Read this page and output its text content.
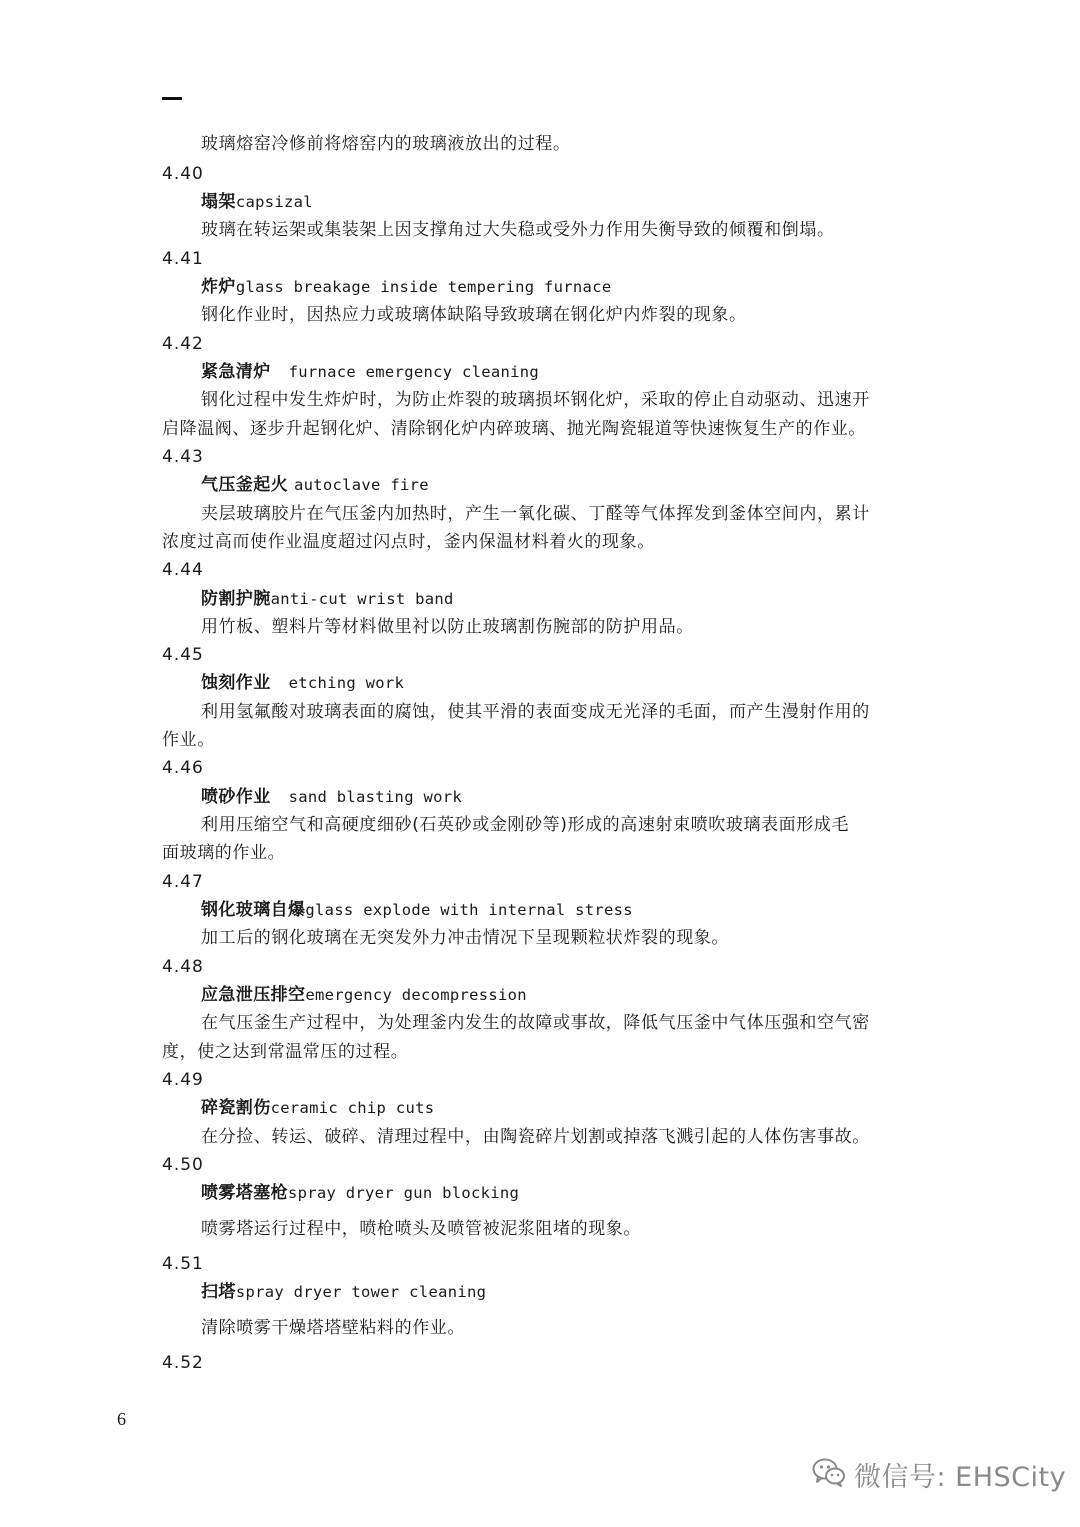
玻璃熔窑冷修前将熔窑内的玻璃液放出的过程。
4.40
塌架capsizal
玻璃在转运架或集装架上因支撑角过大失稳或受外力作用失衡导致的倾覆和倒塌。
4.41
炸炉glass breakage inside tempering furnace
钢化作业时，因热应力或玻璃体缺陷导致玻璃在钢化炉内炸裂的现象。
4.42
紧急清炉 furnace emergency cleaning
钢化过程中发生炸炉时，为防止炸裂的玻璃损坏钢化炉，采取的停止自动驱动、迅速开
启降温阀、逐步升起钢化炉、清除钢化炉内碎玻璃、抛光陶瓷辊道等快速恢复生产的作业。
4.43
气压釜起火 autoclave fire
夹层玻璃胶片在气压釜内加热时，产生一氧化碳、丁醛等气体挥发到釜体空间内，累计
浓度过高而使作业温度超过闪点时，釜内保温材料着火的现象。
4.44
防割护腕anti-cut wrist band
用竹板、塑料片等材料做里衬以防止玻璃割伤腕部的防护用品。
4.45
蚀刻作业 etching work
利用氢氟酸对玻璃表面的腐蚀，使其平滑的表面变成无光泽的毛面，而产生漫射作用的
作业。
4.46
喷砂作业 sand blasting work
利用压缩空气和高硬度细砂(石英砂或金刚砂等)形成的高速射束喷吹玻璃表面形成毛
面玻璃的作业。
4.47
钢化玻璃自爆glass explode with internal stress
加工后的钢化玻璃在无突发外力冲击情况下呈现颗粒状炸裂的现象。
4.48
应急泄压排空emergency decompression
在气压釜生产过程中，为处理釜内发生的故障或事故，降低气压釜中气体压强和空气密
度，使之达到常温常压的过程。
4.49
碎瓷割伤ceramic chip cuts
在分捡、转运、破碎、清理过程中，由陶瓷碎片划割或掉落飞溅引起的人体伤害事故。
4.50
喷雾塔塞枪spray dryer gun blocking
喷雾塔运行过程中，喷枪喷头及喷管被泥浆阻堵的现象。
4.51
扫塔spray dryer tower cleaning
清除喷雾干燥塔塔壁粘料的作业。
4.52
6
微信号: EHSCity
